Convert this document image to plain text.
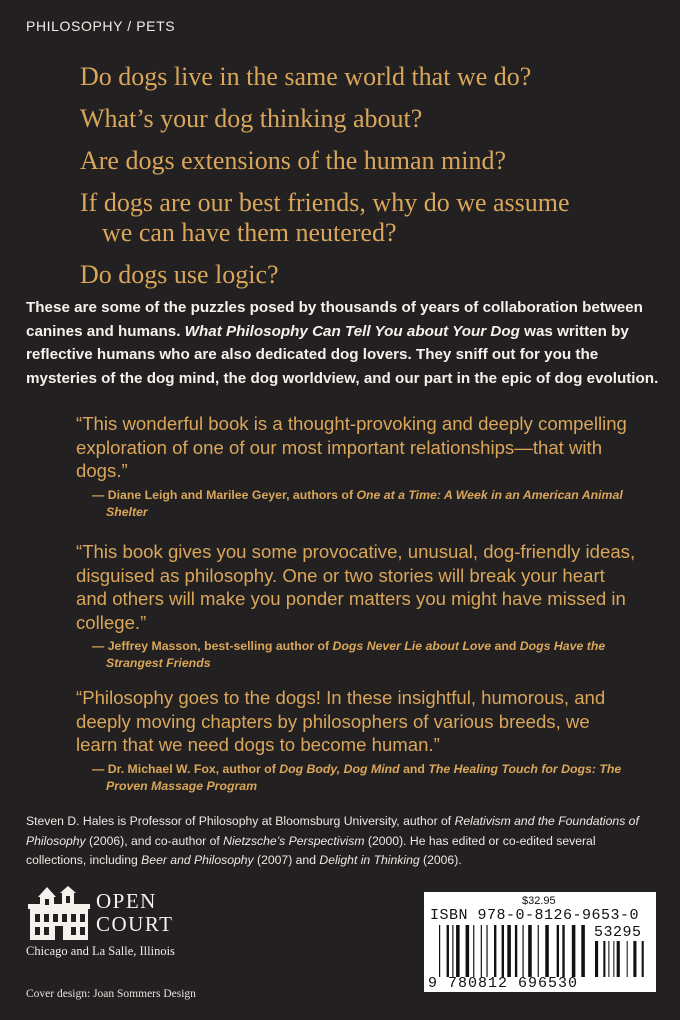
PHILOSOPHY / PETS
Do dogs live in the same world that we do?
What’s your dog thinking about?
Are dogs extensions of the human mind?
If dogs are our best friends, why do we assume
we can have them neutered?
Do dogs use logic?
These are some of the puzzles posed by thousands of years of collaboration between canines and humans. What Philosophy Can Tell You about Your Dog was written by reflective humans who are also dedicated dog lovers. They sniff out for you the mysteries of the dog mind, the dog worldview, and our part in the epic of dog evolution.
“This wonderful book is a thought-provoking and deeply compelling exploration of one of our most important relationships—that with dogs.”
— Diane Leigh and Marilee Geyer, authors of One at a Time: A Week in an American Animal Shelter
“This book gives you some provocative, unusual, dog-friendly ideas, disguised as philosophy. One or two stories will break your heart and others will make you ponder matters you might have missed in college.”
— Jeffrey Masson, best-selling author of Dogs Never Lie about Love and Dogs Have the Strangest Friends
“Philosophy goes to the dogs! In these insightful, humorous, and deeply moving chapters by philosophers of various breeds, we learn that we need dogs to become human.”
— Dr. Michael W. Fox, author of Dog Body, Dog Mind and The Healing Touch for Dogs: The Proven Massage Program
Steven D. Hales is Professor of Philosophy at Bloomsburg University, author of Relativism and the Foundations of Philosophy (2006), and co-author of Nietzsche’s Perspectivism (2000). He has edited or co-edited several collections, including Beer and Philosophy (2007) and Delight in Thinking (2006).
OPEN
COURT
Chicago and La Salle, Illinois
Cover design: Joan Sommers Design
$32.95
ISBN 978-0-8126-9653-0
53295
9 780812 696530
